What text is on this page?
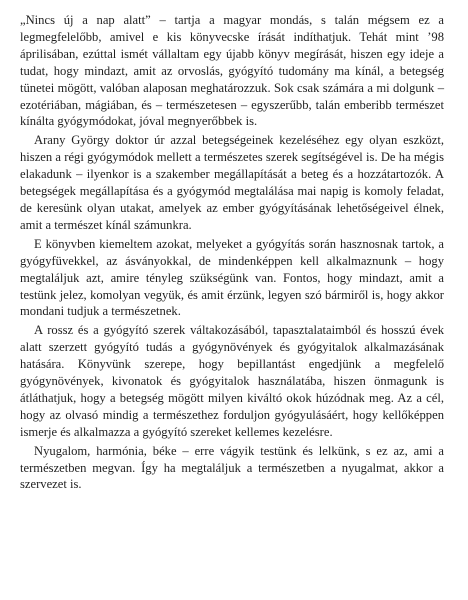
„Nincs új a nap alatt” – tartja a magyar mondás, s talán mégsem ez a legmegfelelőbb, amivel e kis könyvecske írását indíthatjuk. Tehát mint ’98 áprilisában, ezúttal ismét vállaltam egy újabb könyv megírását, hiszen egy ideje a tudat, hogy mindazt, amit az orvoslás, gyógyító tudomány ma kínál, a betegség tünetei mögött, valóban alaposan meghatározzuk. Sok csak számára a mi dolgunk – ezotériában, mágiában, és – természetesen – egyszerűbb, talán emberibb természet kínálta gyógymódokat, jóval megnyerőbbek is.

Arany György doktor úr azzal betegségeinek kezeléséhez egy olyan eszközt, hiszen a régi gyógymódok mellett a természetes szerek segítségével is. De ha mégis elakadunk – ilyenkor is a szakember megállapítását a beteg és a hozzátartozók. A betegségek megállapítása és a gyógymód megtalálása mai napig is komoly feladat, de keresünk olyan utakat, amelyek az ember gyógyításának lehetőségeivel élnek, amit a természet kínál számunkra.

E könyvben kiemeltem azokat, melyeket a gyógyítás során hasznosnak tartok, a gyógyfüvekkel, az ásványokkal, de mindenképpen kell alkalmaznunk – hogy megtaláljuk azt, amire tényleg szükségünk van. Fontos, hogy mindazt, amit a testünk jelez, komolyan vegyük, és amit érzünk, legyen szó bármiről is, hogy akkor mondani tudjuk a természetnek.

A rossz és a gyógyító szerek váltakozásából, tapasztalataimból és hosszú évek alatt szerzett gyógyító tudás a gyógynövények és gyógyitalok alkalmazásának hatására. Könyvünk szerepe, hogy bepillantást engedjünk a megfelelő gyógynövények, kivonatok és gyógyitalok használatába, hiszen önmagunk is átláthatjuk, hogy a betegség mögött milyen kiváltó okok húzódnak meg. Az a cél, hogy az olvasó mindig a természethez forduljon gyógyulásáért, hogy kellőképpen ismerje és alkalmazza a gyógyító szereket kellemes kezelésre.

Nyugalom, harmónia, béke – erre vágyik testünk és lelkünk, s ez az, ami a természetben megvan. Így ha megtaláljuk a természetben a nyugalmat, akkor a szervezet is.
